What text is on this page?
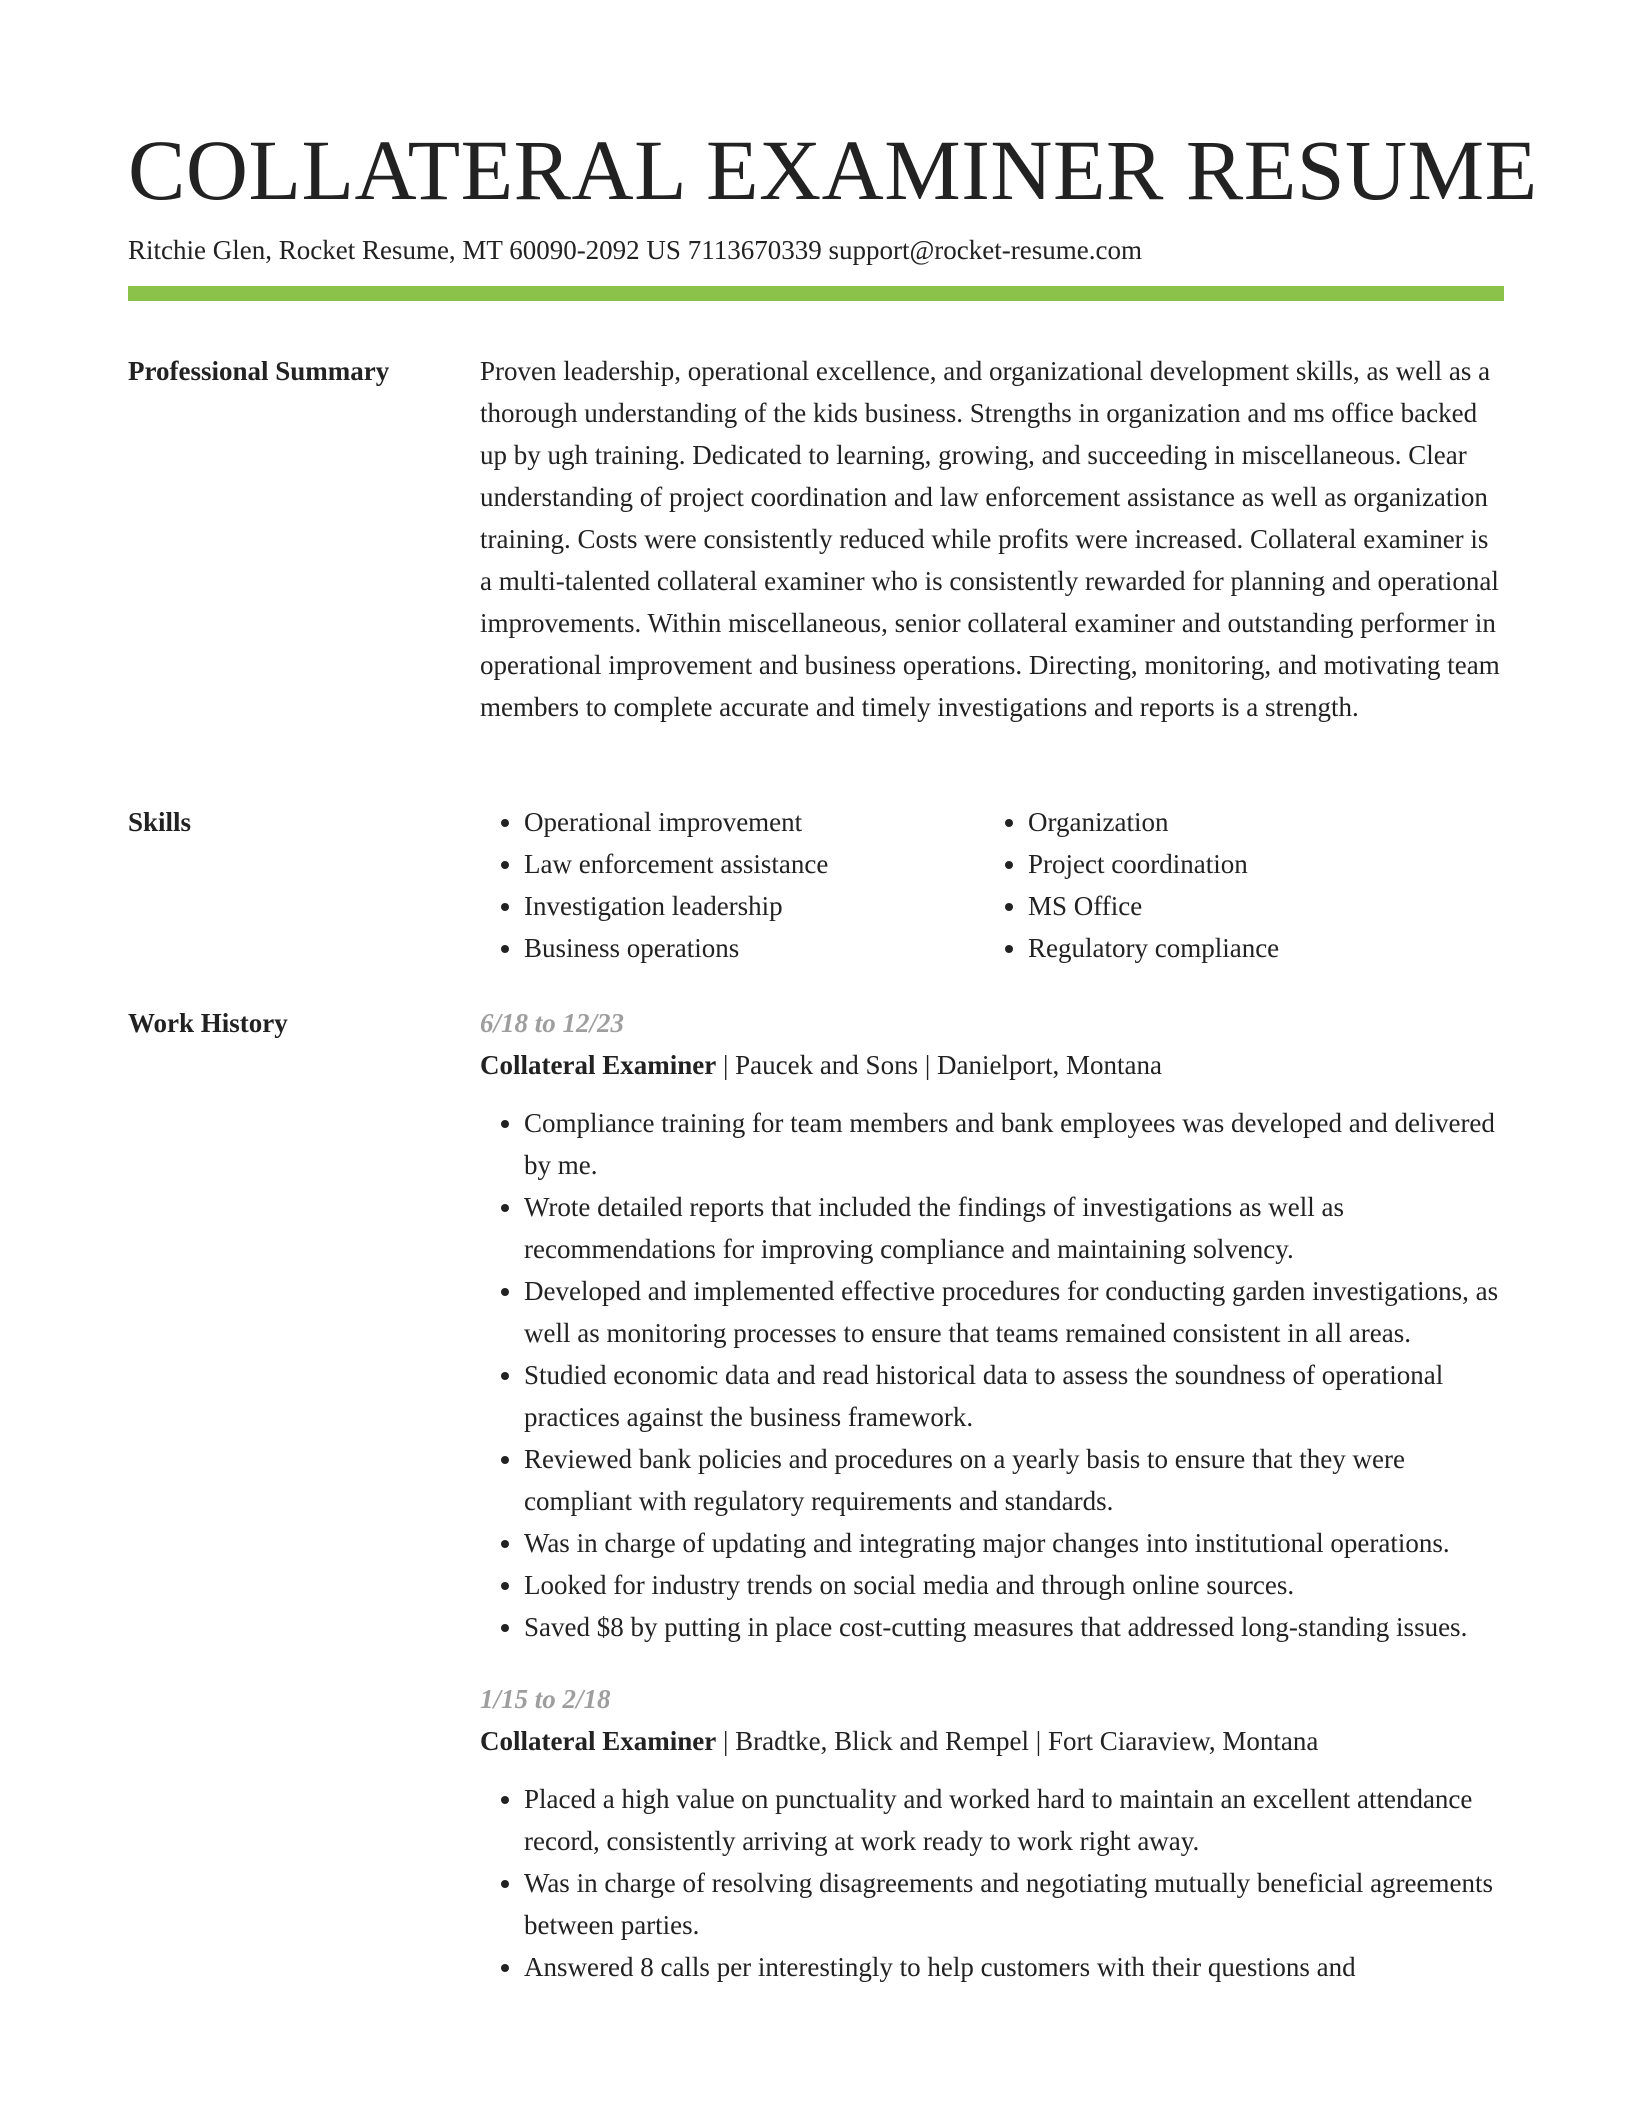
COLLATERAL EXAMINER RESUME
Ritchie Glen, Rocket Resume, MT 60090-2092 US 7113670339 support@rocket-resume.com
Professional Summary	Proven leadership, operational excellence, and organizational development skills, as well as a thorough understanding of the kids business. Strengths in organization and ms office backed up by ugh training. Dedicated to learning, growing, and succeeding in miscellaneous. Clear understanding of project coordination and law enforcement assistance as well as organization training. Costs were consistently reduced while profits were increased. Collateral examiner is a multi-talented collateral examiner who is consistently rewarded for planning and operational improvements. Within miscellaneous, senior collateral examiner and outstanding performer in operational improvement and business operations. Directing, monitoring, and motivating team members to complete accurate and timely investigations and reports is a strength.

Skills
•	Operational improvement
• Law enforcement assistance
• Investigation leadership
• Business operations
• Organization
• Project coordination
• MS Office
• Regulatory compliance
Work History	6/18 to 12/23
Collateral Examiner | Paucek and Sons | Danielport, Montana
• Compliance training for team members and bank employees was developed and delivered by me.
• Wrote detailed reports that included the findings of investigations as well as recommendations for improving compliance and maintaining solvency.
• Developed and implemented effective procedures for conducting garden investigations, as well as monitoring processes to ensure that teams remained consistent in all areas.
• Studied economic data and read historical data to assess the soundness of operational practices against the business framework.
• Reviewed bank policies and procedures on a yearly basis to ensure that they were compliant with regulatory requirements and standards.
• Was in charge of updating and integrating major changes into institutional operations.
• Looked for industry trends on social media and through online sources.
• Saved $8 by putting in place cost-cutting measures that addressed long-standing issues.
1/15 to 2/18
Collateral Examiner | Bradtke, Blick and Rempel | Fort Ciaraview, Montana
• Placed a high value on punctuality and worked hard to maintain an excellent attendance record, consistently arriving at work ready to work right away.
• Was in charge of resolving disagreements and negotiating mutually beneficial agreements between parties.
• Answered 8 calls per interestingly to help customers with their questions and
